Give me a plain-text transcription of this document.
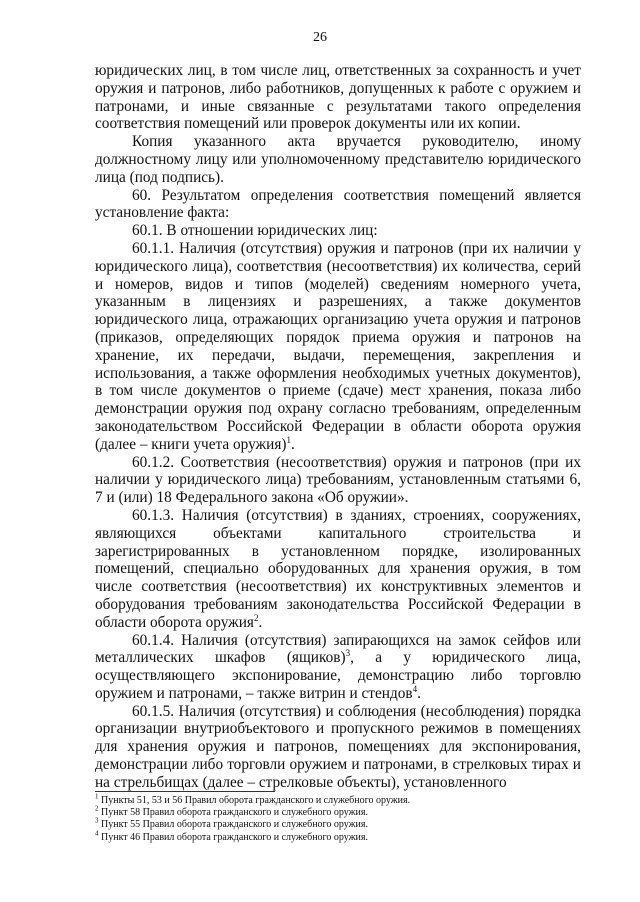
26

юридических лиц, в том числе лиц, ответственных за сохранность и учет оружия и патронов, либо работников, допущенных к работе с оружием и патронами, и иные связанные с результатами такого определения соответствия помещений или проверок документы или их копии.

Копия указанного акта вручается руководителю, иному должностному лицу или уполномоченному представителю юридического лица (под подпись).

60. Результатом определения соответствия помещений является установление факта:

60.1. В отношении юридических лиц:

60.1.1. Наличия (отсутствия) оружия и патронов (при их наличии у юридического лица), соответствия (несоответствия) их количества, серий и номеров, видов и типов (моделей) сведениям номерного учета, указанным в лицензиях и разрешениях, а также документов юридического лица, отражающих организацию учета оружия и патронов (приказов, определяющих порядок приема оружия и патронов на хранение, их передачи, выдачи, перемещения, закрепления и использования, а также оформления необходимых учетных документов), в том числе документов о приеме (сдаче) мест хранения, показа либо демонстрации оружия под охрану согласно требованиям, определенным законодательством Российской Федерации в области оборота оружия (далее – книги учета оружия)$^1$.

60.1.2. Соответствия (несоответствия) оружия и патронов (при их наличии у юридического лица) требованиям, установленным статьями 6, 7 и (или) 18 Федерального закона «Об оружии».

60.1.3. Наличия (отсутствия) в зданиях, строениях, сооружениях, являющихся объектами капитального строительства и зарегистрированных в установленном порядке, изолированных помещений, специально оборудованных для хранения оружия, в том числе соответствия (несоответствия) их конструктивных элементов и оборудования требованиям законодательства Российской Федерации в области оборота оружия$^2$.

60.1.4. Наличия (отсутствия) запирающихся на замок сейфов или металлических шкафов (ящиков)$^3$, а у юридического лица, осуществляющего экспонирование, демонстрацию либо торговлю оружием и патронами, – также витрин и стендов$^4$.

60.1.5. Наличия (отсутствия) и соблюдения (несоблюдения) порядка организации внутриобъектового и пропускного режимов в помещениях для хранения оружия и патронов, помещениях для экспонирования, демонстрации либо торговли оружием и патронами, в стрелковых тирах и на стрельбищах (далее – стрелковые объекты), установленного

$^1$ Пункты 51, 53 и 56 Правил оборота гражданского и служебного оружия.

$^2$ Пункт 58 Правил оборота гражданского и служебного оружия.

$^3$ Пункт 55 Правил оборота гражданского и служебного оружия.

$^4$ Пункт 46 Правил оборота гражданского и служебного оружия.
